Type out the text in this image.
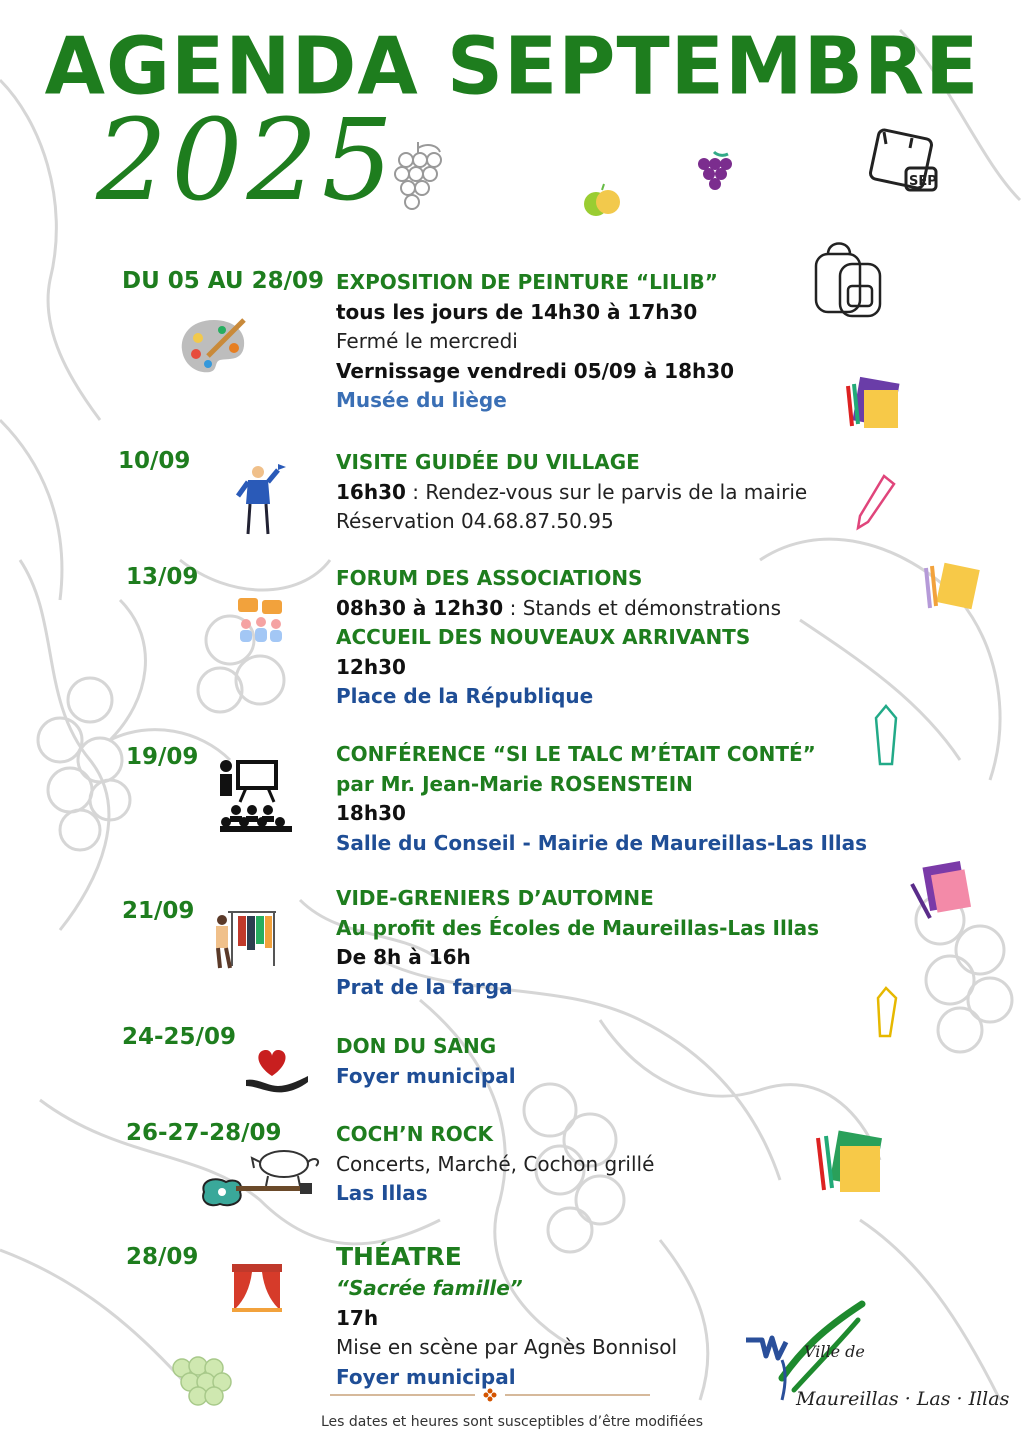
AGENDA SEPTEMBRE
2025	SEP
DU 05 AU 28/09 EXPOSITION DE PEINTURE “LILIB”
tous les jours de 14h30 à 17h30
Fermé le mercredi
Vernissage vendredi 05/09 à 18h30
Musée du liège
10/09	VISITE GUIDÉE DU VILLAGE
16h30 : Rendez-vous sur le parvis de la mairie
Réservation 04.68.87.50.95
13/09	FORUM DES ASSOCIATIONS
08h30 à 12h30 : Stands et démonstrations
ACCUEIL DES NOUVEAUX ARRIVANTS
12h30
Place de la République
19/09	CONFÉRENCE “SI LE TALC M’ÉTAIT CONTÉ”
par Mr. Jean-Marie ROSENSTEIN
18h30
Salle du Conseil - Mairie de Maureillas-Las Illas
21/09	VIDE-GRENIERS D’AUTOMNE
Au profit des Écoles de Maureillas-Las Illas
De 8h à 16h
Prat de la farga
24-25/09	DON DU SANG
Foyer municipal
26-27-28/09	COCH’N ROCK
Concerts, Marché, Cochon grillé
Las Illas
28/09	THÉATRE
“Sacrée famille”
17h
Mise en scène par Agnès Bonnisol
Foyer municipal
Les dates et heures sont susceptibles d’être modifiées
Ville de
Maureillas · Las · Illas
